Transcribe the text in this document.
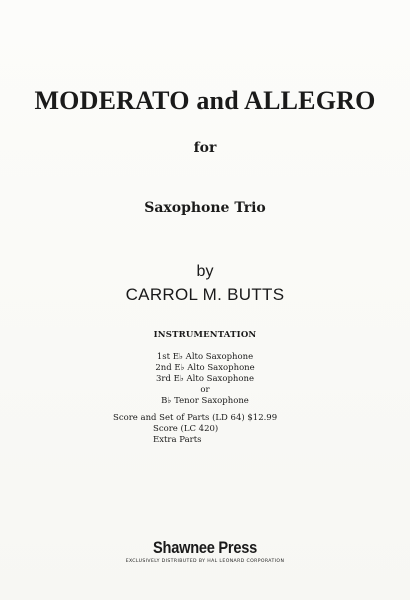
MODERATO and ALLEGRO
for
Saxophone Trio
by
CARROL M. BUTTS
INSTRUMENTATION
1st E♭ Alto Saxophone
2nd E♭ Alto Saxophone
3rd E♭ Alto Saxophone
or
B♭ Tenor Saxophone
Score and Set of Parts (LD 64) $12.99
Score (LC 420)
Extra Parts
Shawnee Press
EXCLUSIVELY DISTRIBUTED BY HAL LEONARD CORPORATION
